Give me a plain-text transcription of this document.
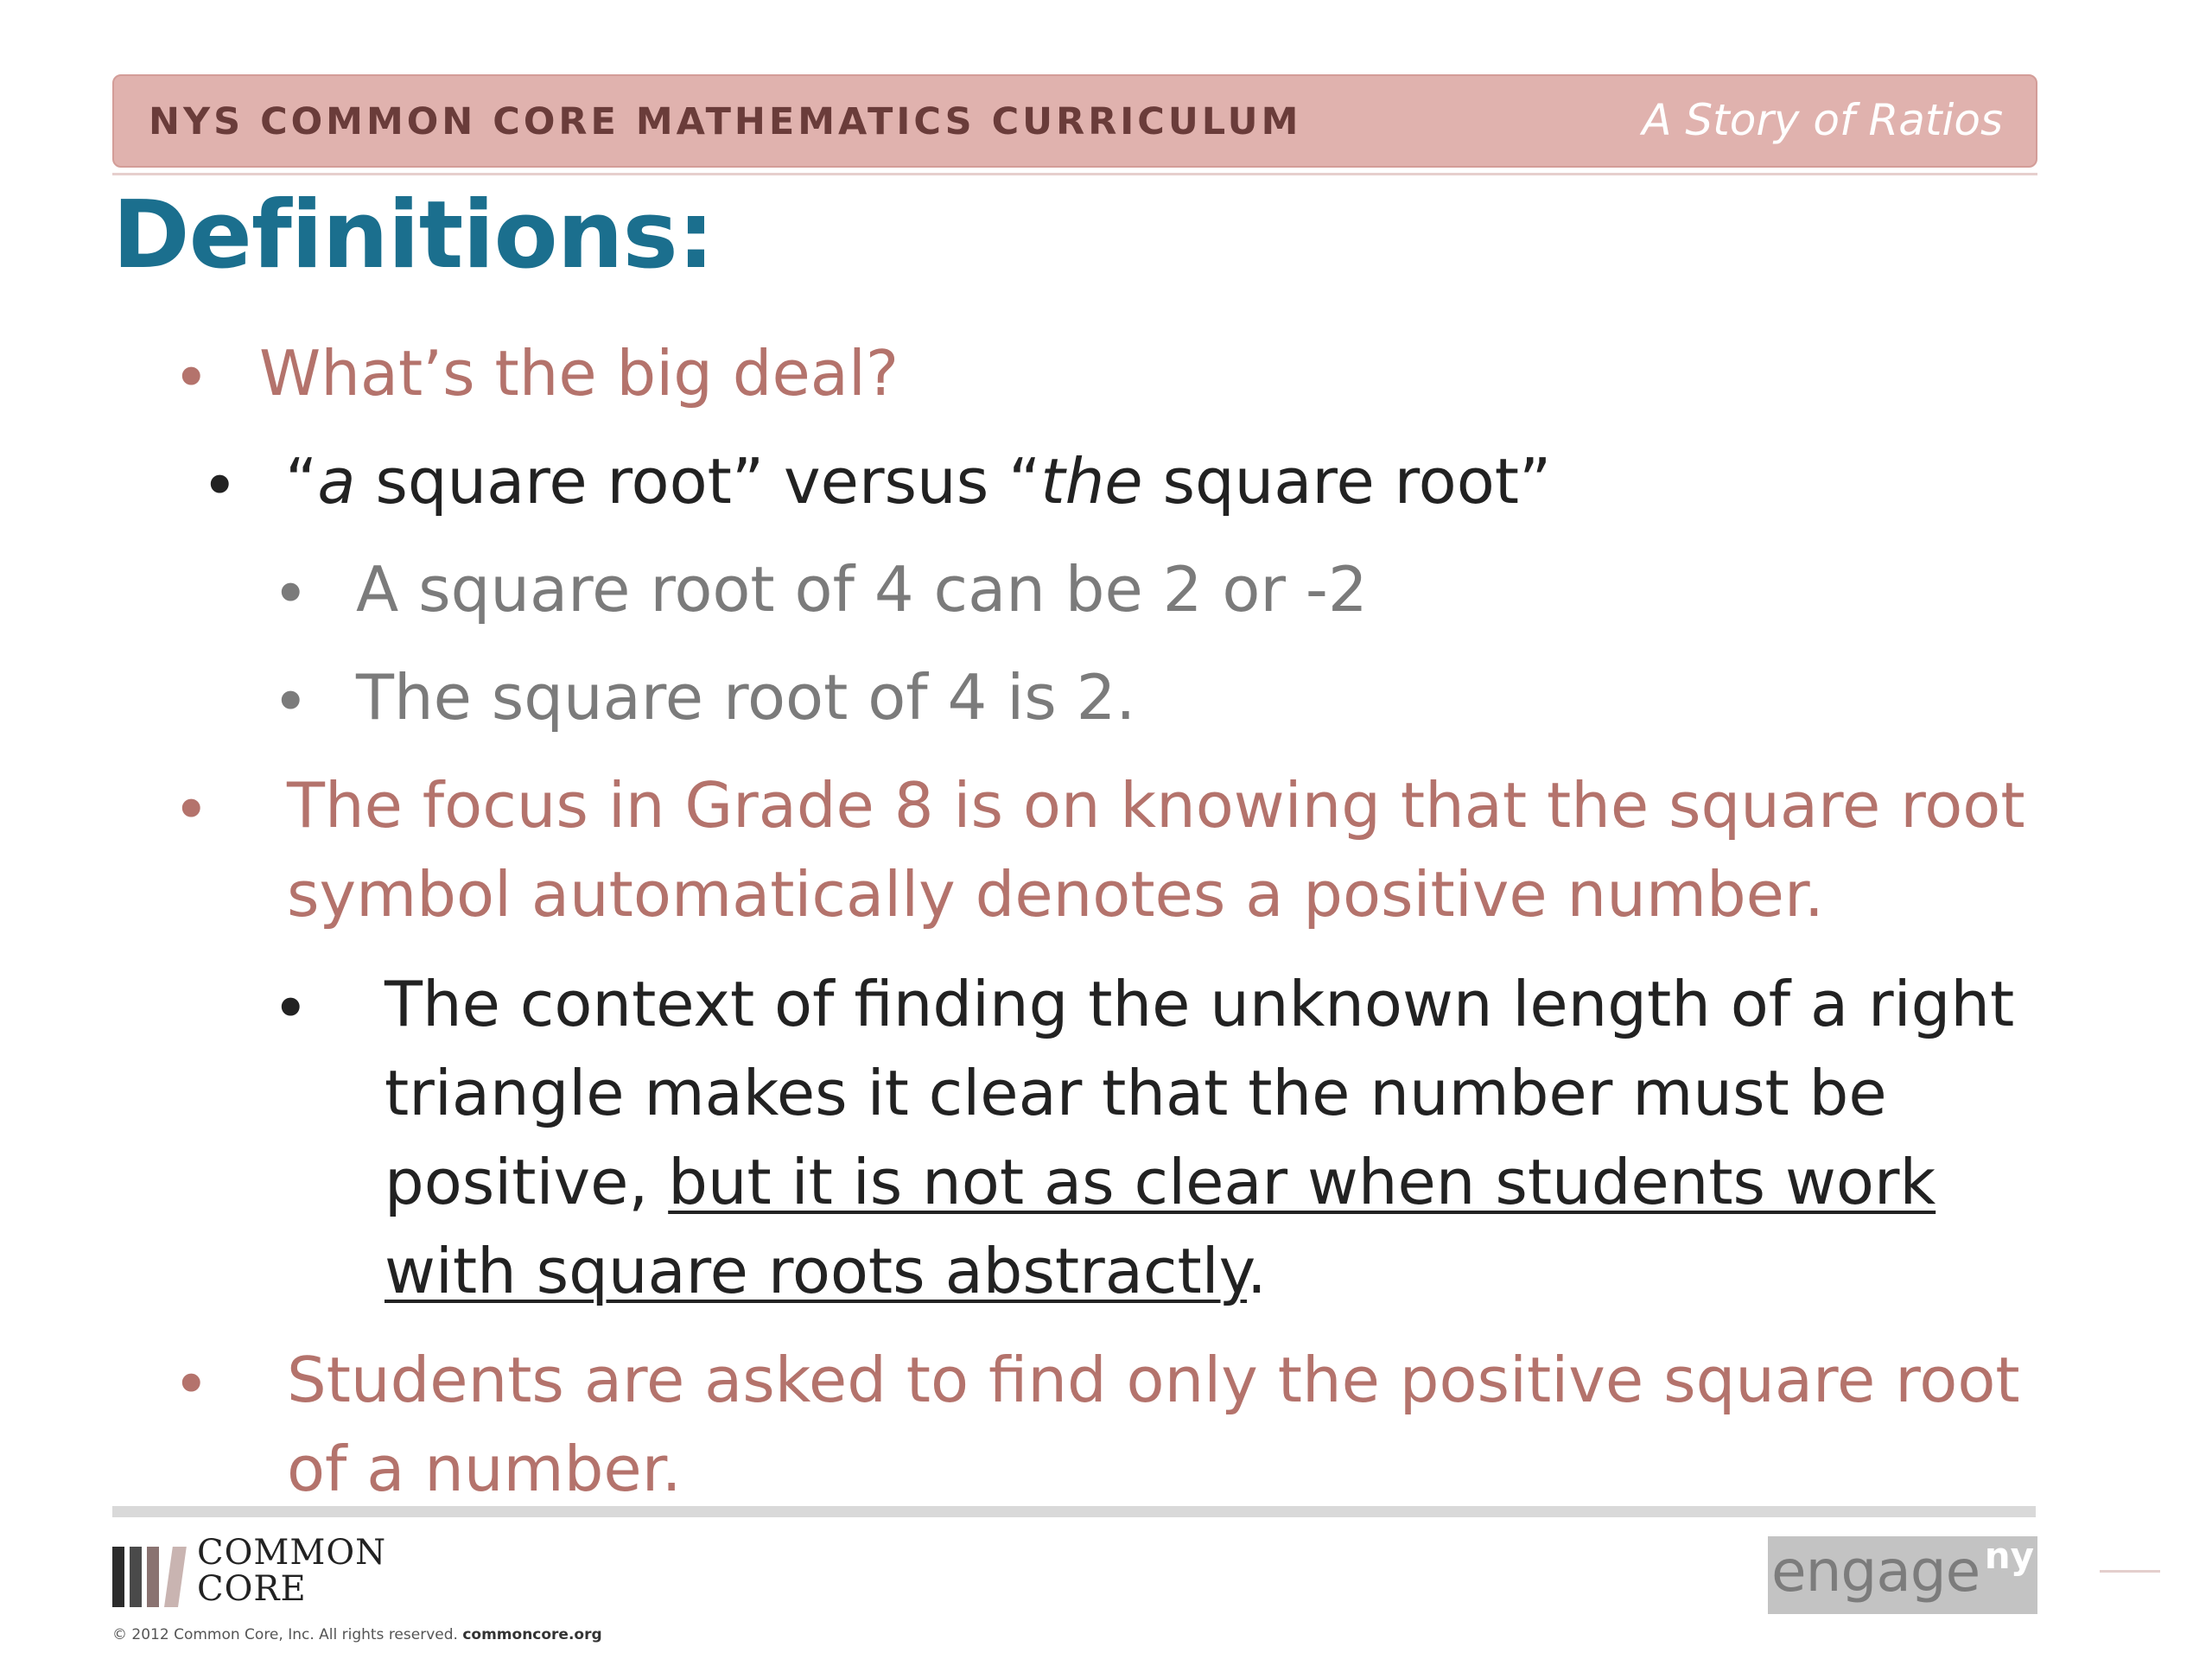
NYS COMMON CORE MATHEMATICS CURRICULUM	A Story of Ratios
Definitions:
• What’s the big deal?
• “a square root” versus “the square root”
• A square root of 4 can be 2 or -2
• The square root of 4 is 2.
• The focus in Grade 8 is on knowing that the square root
symbol automatically denotes a positive number.
• The context of finding the unknown length of a right
triangle makes it clear that the number must be
positive, but it is not as clear when students work
with square roots abstractly.
• Students are asked to find only the positive square root
of a number.
COMMON
CORE
© 2012 Common Core, Inc. All rights reserved. commoncore.org
engage ny
